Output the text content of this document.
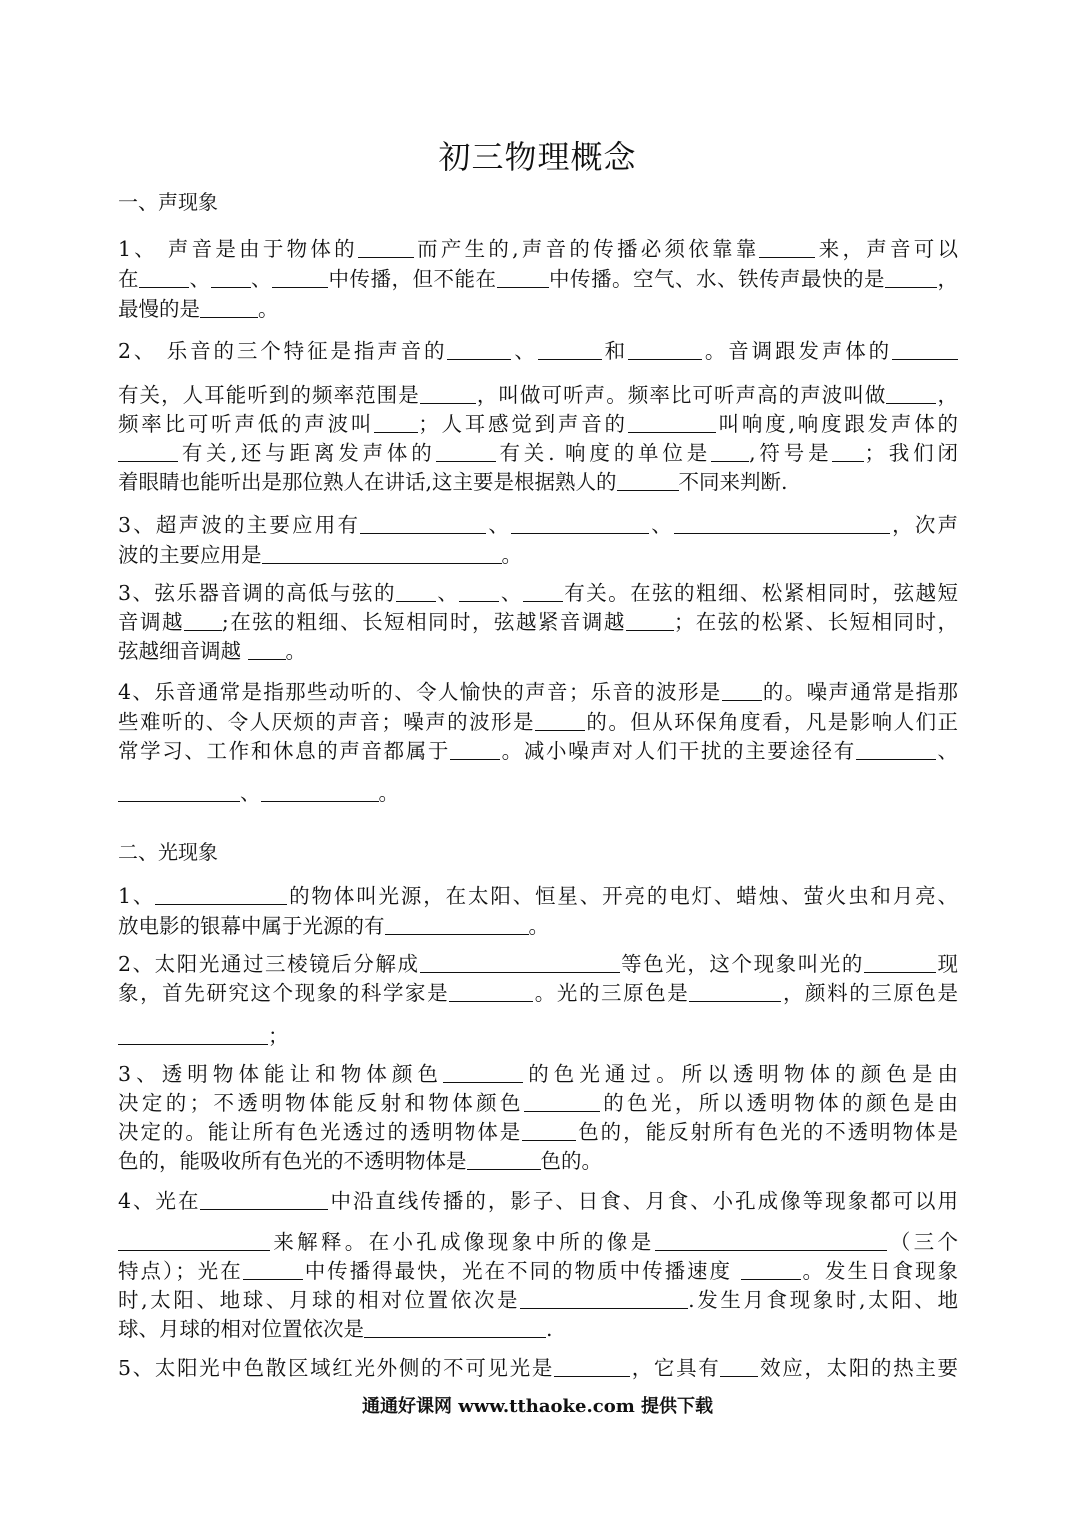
初三物理概念
一、声现象
1、 声音是由于物体的	而产生的,声音的传播必须依靠靠	来，声音可以
在 、 、	中传播，但不能在	中传播。空气、水、铁传声最快的是	，
最慢的是	。
2、 乐音的三个特征是指声音的	、	和	。音调跟发声体的
有关，人耳能听到的频率范围是	，叫做可听声。频率比可听声高的声波叫做 ，
频率比可听声低的声波叫 ；人耳感觉到声音的	叫响度,响度跟发声体的
有关,还与距离发声体的	有关. 响度的单位是 ,符号是 ；我们闭
着眼睛也能听出是那位熟人在讲话,这主要是根据熟人的	不同来判断.
3、超声波的主要应用有	、	、	，次声
波的主要应用是	。
3、弦乐器音调的高低与弦的 、 、 有关。在弦的粗细、松紧相同时，弦越短
音调越 ;在弦的粗细、长短相同时，弦越紧音调越 ；在弦的松紧、长短相同时，
弦越细音调越 。
4、乐音通常是指那些动听的、令人愉快的声音；乐音的波形是 的。噪声通常是指那
些难听的、令人厌烦的声音；噪声的波形是 的。但从环保角度看，凡是影响人们正
常学习、工作和休息的声音都属于 。减小噪声对人们干扰的主要途径有	、
、	。
二、光现象
1、	的物体叫光源，在太阳、恒星、开亮的电灯、蜡烛、萤火虫和月亮、
放电影的银幕中属于光源的有	。
2、太阳光通过三棱镜后分解成	等色光，这个现象叫光的	现
象，首先研究这个现象的科学家是	。光的三原色是	，颜料的三原色是
；
3、透明物体能让和物体颜色	的色光通过。所以透明物体的颜色是由
决定的；不透明物体能反射和物体颜色	的色光，所以透明物体的颜色是由
决定的。能让所有色光透过的透明物体是	色的，能反射所有色光的不透明物体是
色的，能吸收所有色光的不透明物体是	色的。
4、光在	中沿直线传播的，影子、日食、月食、小孔成像等现象都可以用
来解释。在小孔成像现象中所的像是	（三个
特点）；光在	中传播得最快，光在不同的物质中传播速度	。发生日食现象
时,太阳、地球、月球的相对位置依次是	.发生月食现象时,太阳、地
球、月球的相对位置依次是	.
5、太阳光中色散区域红光外侧的不可见光是	，它具有 效应，太阳的热主要
通通好课网 www.tthaoke.com 提供下载
